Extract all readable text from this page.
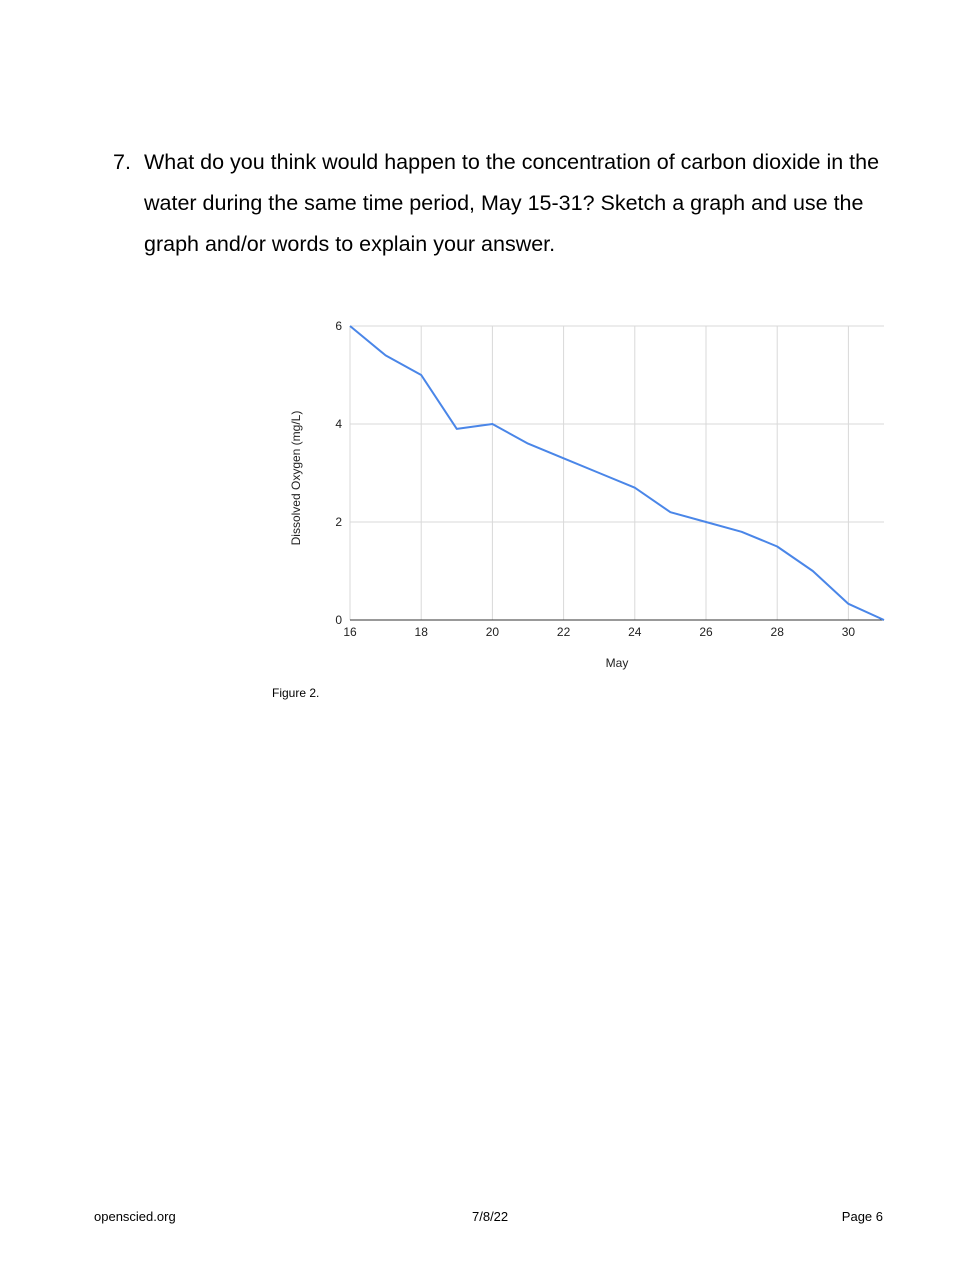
7. What do you think would happen to the concentration of carbon dioxide in the water during the same time period, May 15-31? Sketch a graph and use the graph and/or words to explain your answer.
0
2
4
6
16	18	20	22	24	26	28	30
May
Dissolved Oxygen (mg/L)
Figure 2.
openscied.org	7/8/22	Page 6
